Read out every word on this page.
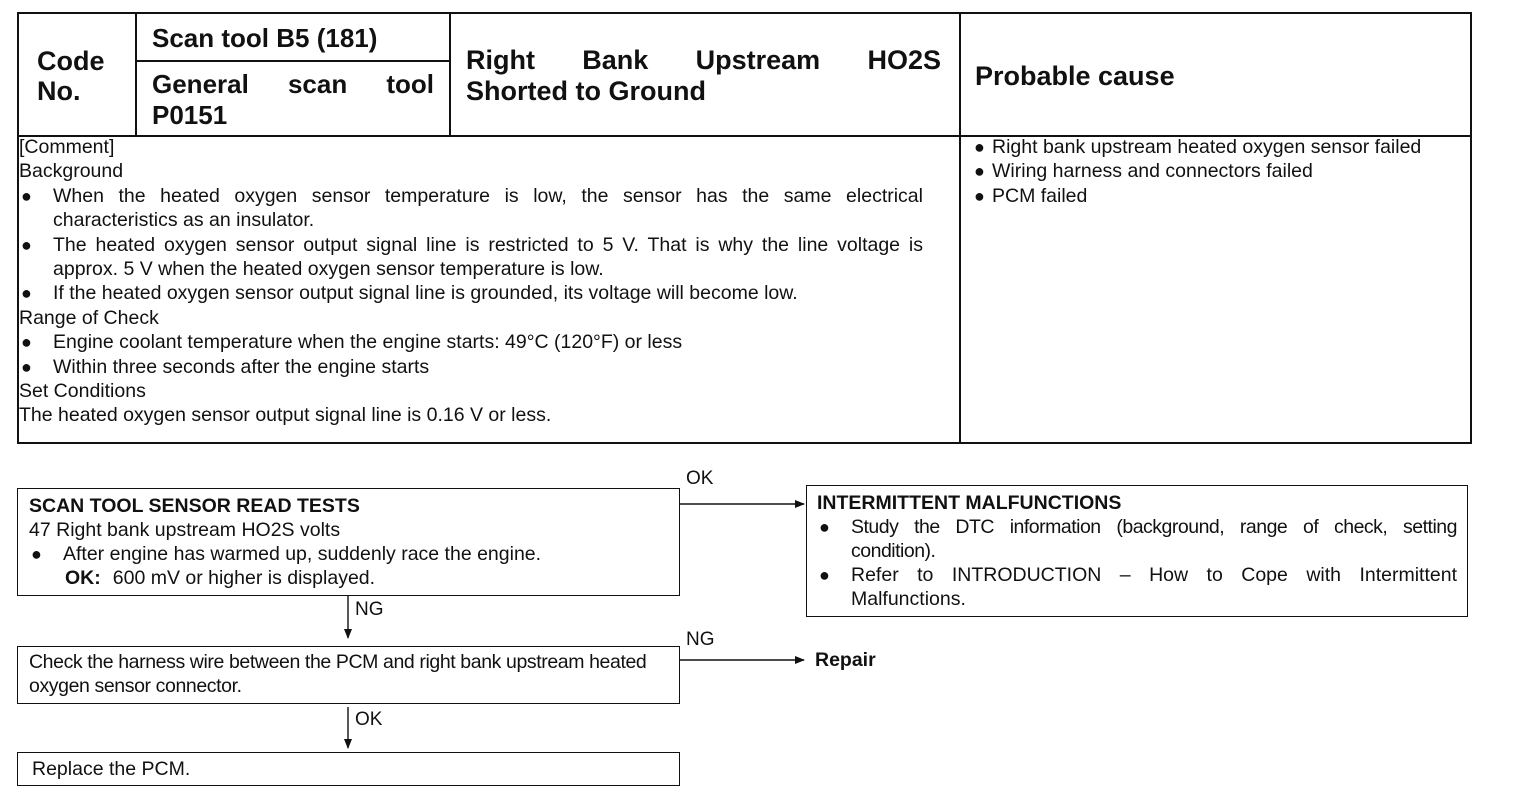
Code
No.
Scan tool B5 (181)
General scan tool P0151
Right Bank Upstream HO2S
Shorted to Ground	Probable cause
[Comment]
Background
● When the heated oxygen sensor temperature is low, the sensor has the same electrical characteristics as an insulator.
● The heated oxygen sensor output signal line is restricted to 5 V. That is why the line voltage is approx. 5 V when the heated oxygen sensor temperature is low.
● If the heated oxygen sensor output signal line is grounded, its voltage will become low.
Range of Check
● Engine coolant temperature when the engine starts: 49°C (120°F) or less
● Within three seconds after the engine starts
Set Conditions
The heated oxygen sensor output signal line is 0.16 V or less.
● Right bank upstream heated oxygen sensor failed
● Wiring harness and connectors failed
● PCM failed
SCAN TOOL SENSOR READ TESTS
47 Right bank upstream HO2S volts
● After engine has warmed up, suddenly race the engine.
OK: 600 mV or higher is displayed.
OK
NG
INTERMITTENT MALFUNCTIONS
● Study the DTC information (background, range of check, setting condition).
● Refer to INTRODUCTION – How to Cope with Intermittent Malfunctions.
Check the harness wire between the PCM and right bank upstream heated oxygen sensor connector.
NG
Repair
OK
Replace the PCM.
